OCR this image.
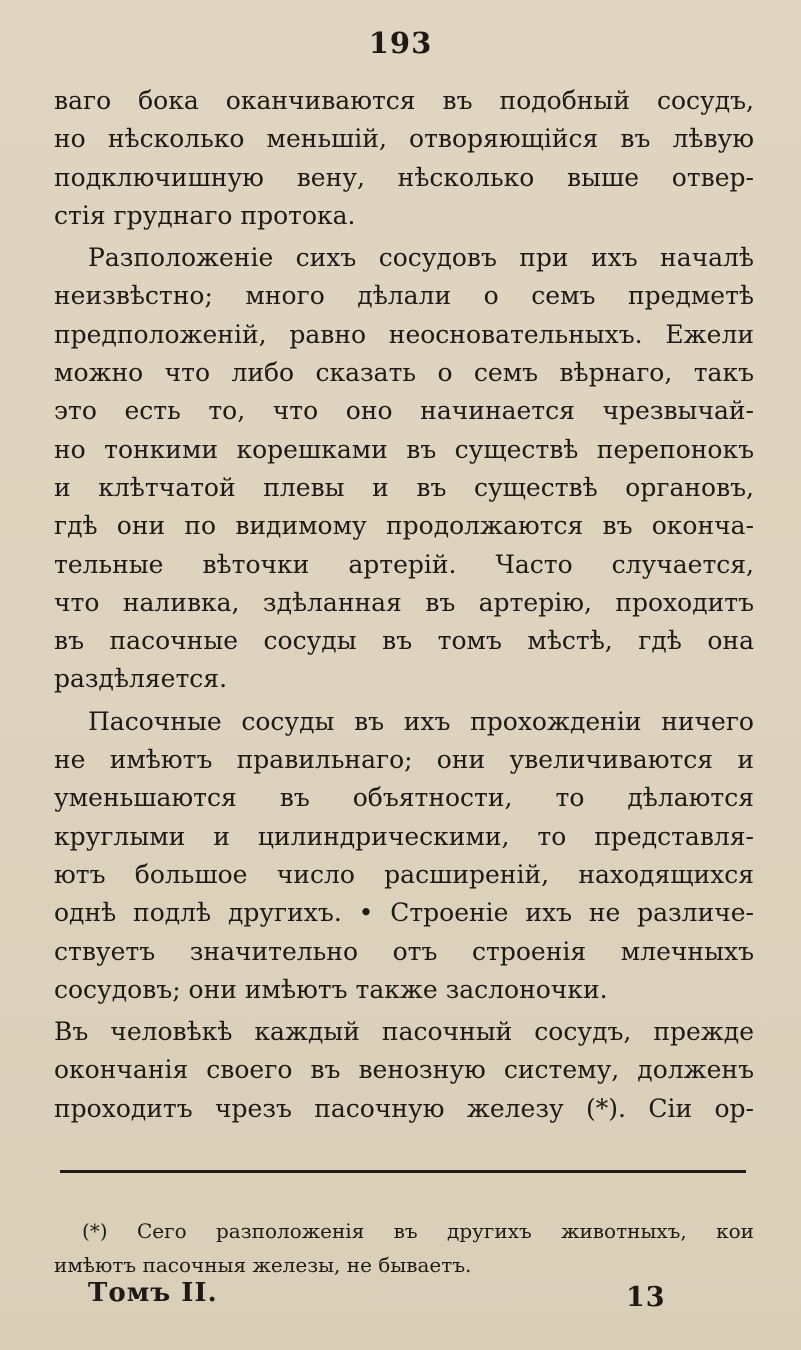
193
ваго бока оканчиваются въ подобный сосудъ,
но нѣсколько меньшій, отворяющійся въ лѣвую
подключишную вену, нѣсколько выше отвер-
стія груднаго протока.
Разположеніе сихъ сосудовъ при ихъ началѣ
неизвѣстно; много дѣлали о семъ предметѣ
предположеній, равно неосновательныхъ. Ежели
можно что либо сказать о семъ вѣрнаго, такъ
это есть то, что оно начинается чрезвычай-
но тонкими корешками въ существѣ перепонокъ
и клѣтчатой плевы и въ существѣ органовъ,
гдѣ они по видимому продолжаются въ оконча-
тельные вѣточки артерій. Часто случается,
что наливка, здѣланная въ артерію, проходитъ
въ пасочные сосуды въ томъ мѣстѣ, гдѣ она
раздѣляется.
Пасочные сосуды въ ихъ прохожденіи ничего
не имѣютъ правильнаго; они увеличиваются и
уменьшаются въ объятности, то дѣлаются
круглыми и цилиндрическими, то представля-
ютъ большое число расширеній, находящихся
однѣ подлѣ другихъ. • Строеніе ихъ не различе-
ствуетъ значительно отъ строенія млечныхъ
сосудовъ; они имѣютъ также заслоночки.
Въ человѣкѣ каждый пасочный сосудъ, прежде
окончанія своего въ венозную систему, долженъ
проходитъ чрезъ пасочную железу (*). Сіи ор-
(*) Сего разположенія въ другихъ животныхъ, кои
имѣютъ пасочныя железы, не бываетъ.
Томъ II.	13
